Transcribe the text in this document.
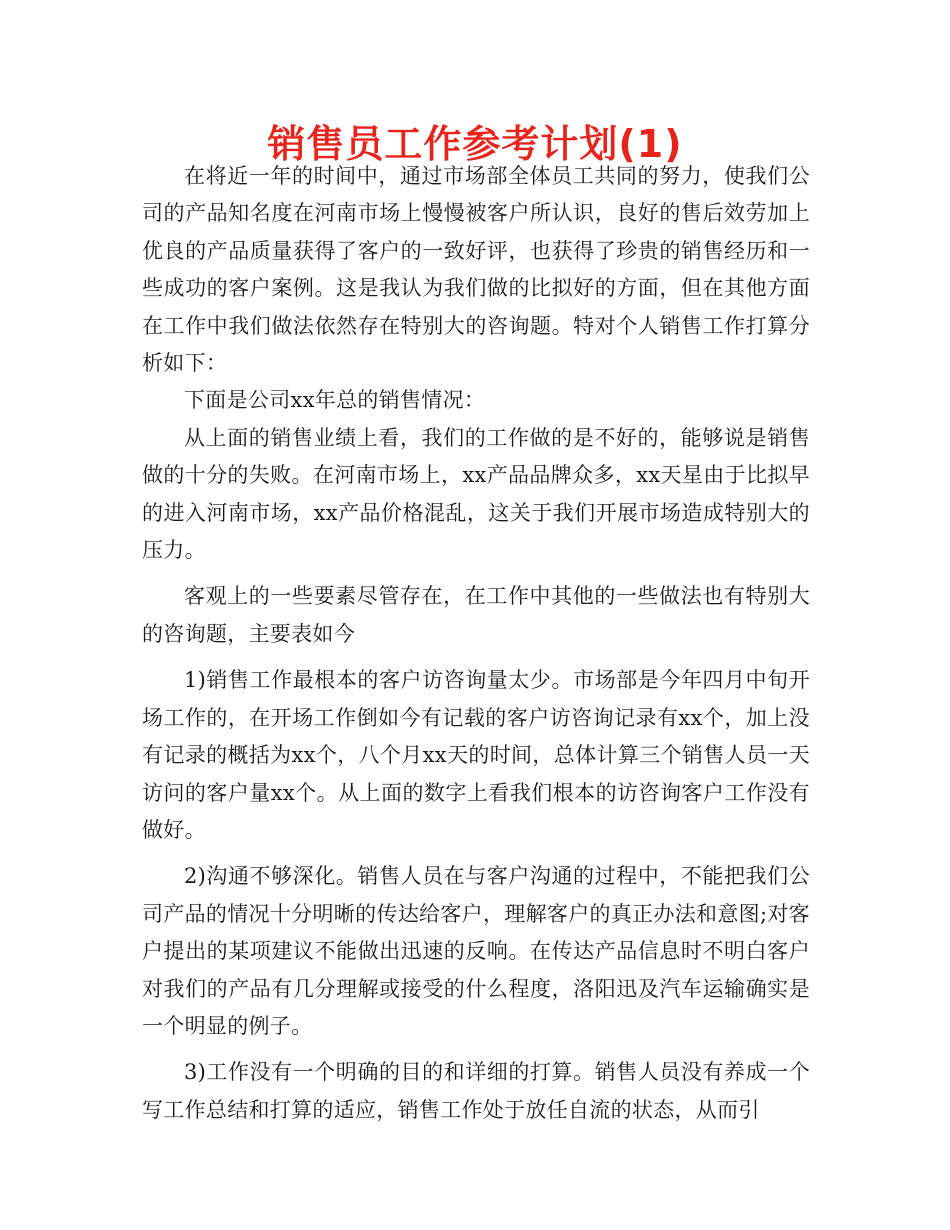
销售员工作参考计划(1)

在将近一年的时间中，通过市场部全体员工共同的努力，使我们公司的产品知名度在河南市场上慢慢被客户所认识，良好的售后效劳加上优良的产品质量获得了客户的一致好评，也获得了珍贵的销售经历和一些成功的客户案例。这是我认为我们做的比拟好的方面，但在其他方面在工作中我们做法依然存在特别大的咨询题。特对个人销售工作打算分析如下：

下面是公司xx年总的销售情况：

从上面的销售业绩上看，我们的工作做的是不好的，能够说是销售做的十分的失败。在河南市场上，xx产品品牌众多，xx天星由于比拟早的进入河南市场，xx产品价格混乱，这关于我们开展市场造成特别大的压力。

客观上的一些要素尽管存在，在工作中其他的一些做法也有特别大的咨询题，主要表如今

1)销售工作最根本的客户访咨询量太少。市场部是今年四月中旬开场工作的，在开场工作倒如今有记载的客户访咨询记录有xx个，加上没有记录的概括为xx个，八个月xx天的时间，总体计算三个销售人员一天访问的客户量xx个。从上面的数字上看我们根本的访咨询客户工作没有做好。

2)沟通不够深化。销售人员在与客户沟通的过程中，不能把我们公司产品的情况十分明晰的传达给客户，理解客户的真正办法和意图;对客户提出的某项建议不能做出迅速的反响。在传达产品信息时不明白客户对我们的产品有几分理解或接受的什么程度，洛阳迅及汽车运输确实是一个明显的例子。

3)工作没有一个明确的目的和详细的打算。销售人员没有养成一个写工作总结和打算的适应，销售工作处于放任自流的状态，从而引
